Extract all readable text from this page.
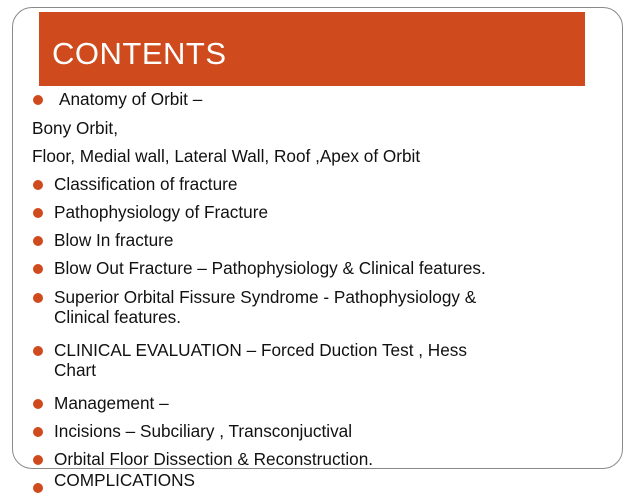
CONTENTS
Anatomy of Orbit –
Bony Orbit,
Floor, Medial wall, Lateral Wall, Roof ,Apex of Orbit
Classification of fracture
Pathophysiology of Fracture
Blow In fracture
Blow Out Fracture – Pathophysiology & Clinical features.
Superior Orbital Fissure Syndrome - Pathophysiology &
Clinical features.
CLINICAL EVALUATION – Forced Duction Test , Hess
Chart
Management –
Incisions – Subciliary , Transconjuctival
Orbital Floor Dissection & Reconstruction.
COMPLICATIONS
